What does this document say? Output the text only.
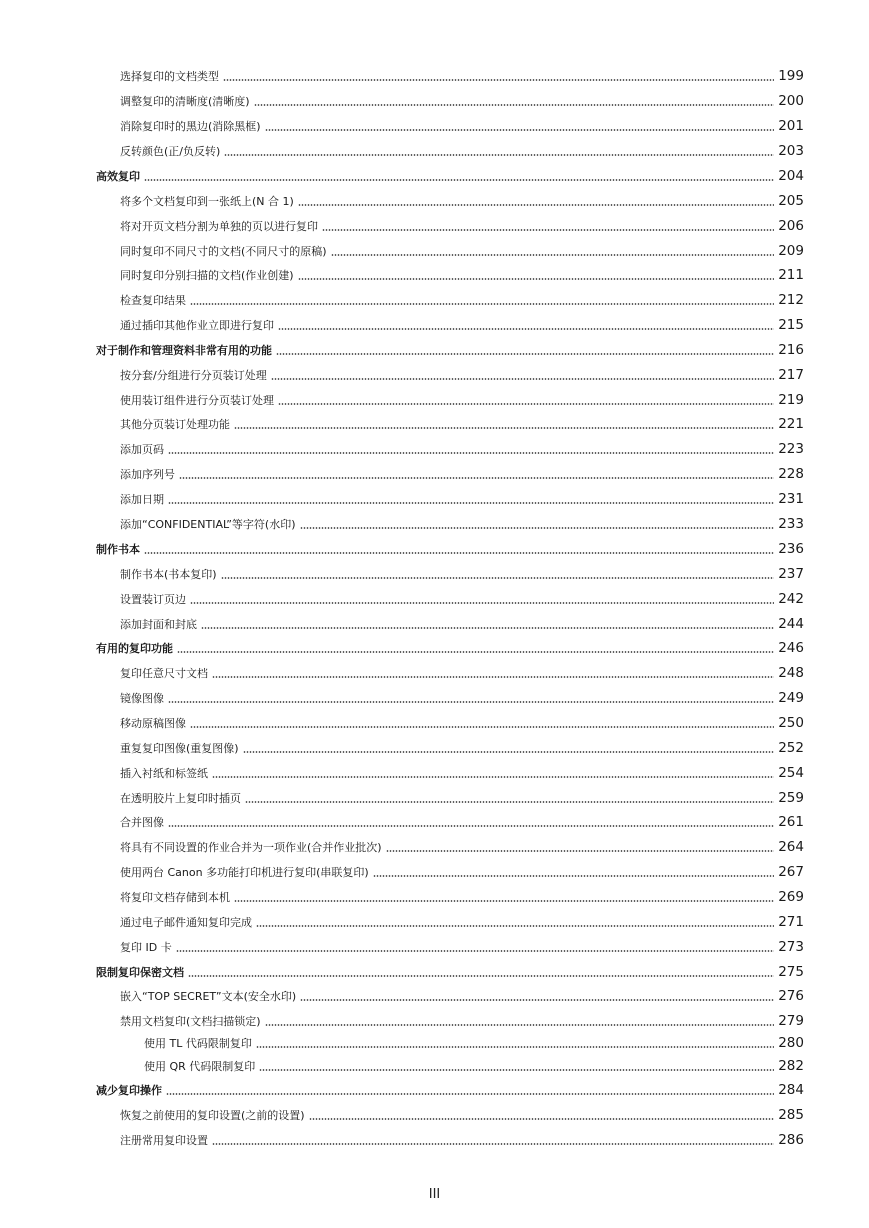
选择复印的文档类型	199
调整复印的清晰度(清晰度)	200
消除复印时的黑边(消除黑框)	201
反转颜色(正/负反转)	203
高效复印	204
将多个文档复印到一张纸上(N 合 1)	205
将对开页文档分割为单独的页以进行复印	206
同时复印不同尺寸的文档(不同尺寸的原稿)	209
同时复印分别扫描的文档(作业创建)	211
检查复印结果	212
通过插印其他作业立即进行复印	215
对于制作和管理资料非常有用的功能	216
按分套/分组进行分页装订处理	217
使用装订组件进行分页装订处理	219
其他分页装订处理功能	221
添加页码	223
添加序列号	228
添加日期	231
添加“CONFIDENTIAL”等字符(水印)	233
制作书本	236
制作书本(书本复印)	237
设置装订页边	242
添加封面和封底	244
有用的复印功能	246
复印任意尺寸文档	248
镜像图像	249
移动原稿图像	250
重复复印图像(重复图像)	252
插入衬纸和标签纸	254
在透明胶片上复印时插页	259
合并图像	261
将具有不同设置的作业合并为一项作业(合并作业批次)	264
使用两台 Canon 多功能打印机进行复印(串联复印)	267
将复印文档存储到本机	269
通过电子邮件通知复印完成	271
复印 ID 卡	273
限制复印保密文档	275
嵌入“TOP SECRET”文本(安全水印)	276
禁用文档复印(文档扫描锁定)	279
使用 TL 代码限制复印	280
使用 QR 代码限制复印	282
减少复印操作	284
恢复之前使用的复印设置(之前的设置)	285
注册常用复印设置	286
III
